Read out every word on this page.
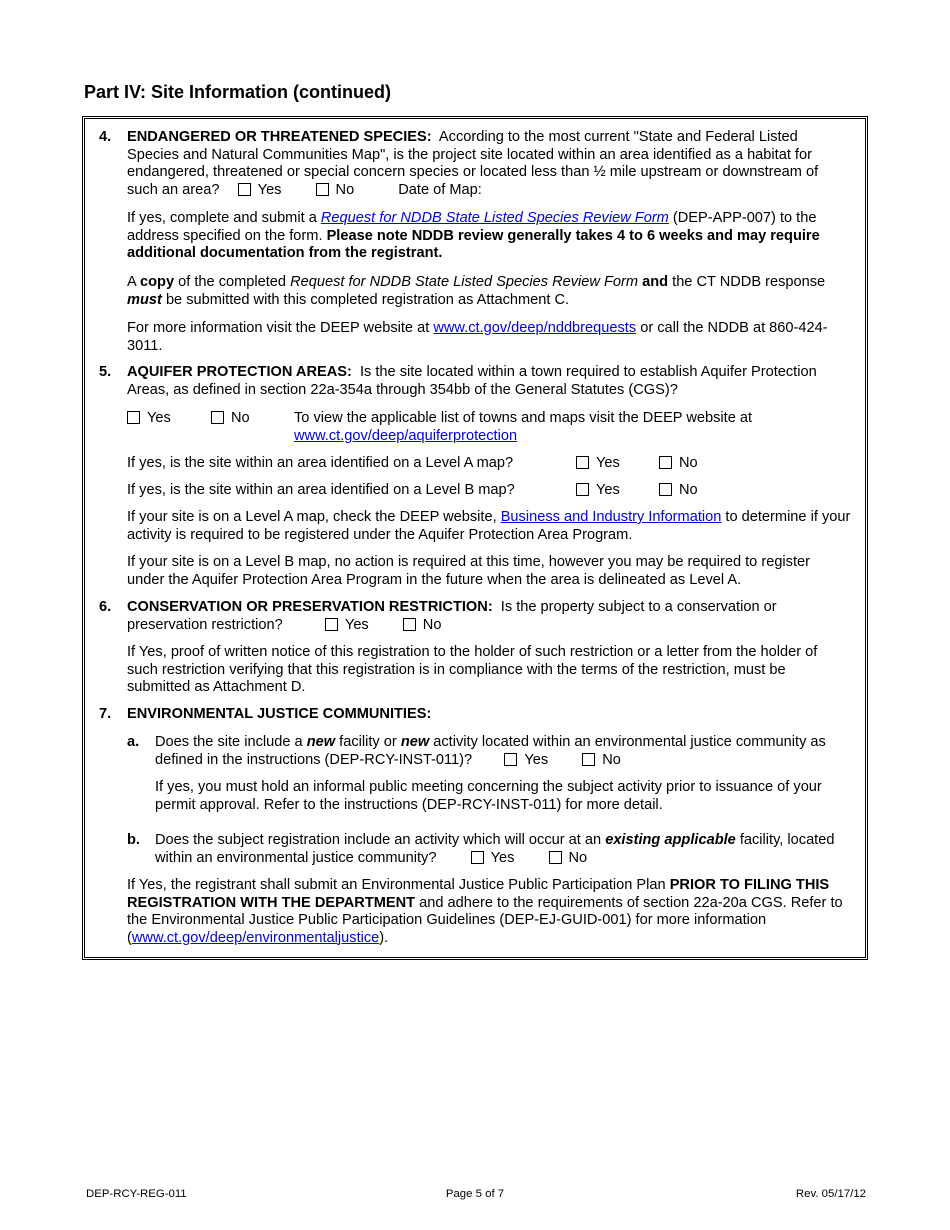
Part IV: Site Information (continued)
4. ENDANGERED OR THREATENED SPECIES: According to the most current "State and Federal Listed Species and Natural Communities Map", is the project site located within an area identified as a habitat for endangered, threatened or special concern species or located less than ½ mile upstream or downstream of such an area?	Yes	No	Date of Map:
If yes, complete and submit a Request for NDDB State Listed Species Review Form (DEP-APP-007) to the address specified on the form. Please note NDDB review generally takes 4 to 6 weeks and may require additional documentation from the registrant.
A copy of the completed Request for NDDB State Listed Species Review Form and the CT NDDB response must be submitted with this completed registration as Attachment C.
For more information visit the DEEP website at www.ct.gov/deep/nddbrequests or call the NDDB at 860-424-3011.
5. AQUIFER PROTECTION AREAS: Is the site located within a town required to establish Aquifer Protection Areas, as defined in section 22a-354a through 354bb of the General Statutes (CGS)?
Yes	No	To view the applicable list of towns and maps visit the DEEP website at
www.ct.gov/deep/aquiferprotection
If yes, is the site within an area identified on a Level A map?	Yes	No
If yes, is the site within an area identified on a Level B map?	Yes	No
If your site is on a Level A map, check the DEEP website, Business and Industry Information to determine if your activity is required to be registered under the Aquifer Protection Area Program.
If your site is on a Level B map, no action is required at this time, however you may be required to register under the Aquifer Protection Area Program in the future when the area is delineated as Level A.
6. CONSERVATION OR PRESERVATION RESTRICTION: Is the property subject to a conservation or preservation restriction?	Yes	No
If Yes, proof of written notice of this registration to the holder of such restriction or a letter from the holder of such restriction verifying that this registration is in compliance with the terms of the restriction, must be submitted as Attachment D.
7. ENVIRONMENTAL JUSTICE COMMUNITIES:
a. Does the site include a new facility or new activity located within an environmental justice community as defined in the instructions (DEP-RCY-INST-011)?	Yes	No
If yes, you must hold an informal public meeting concerning the subject activity prior to issuance of your permit approval. Refer to the instructions (DEP-RCY-INST-011) for more detail.
b. Does the subject registration include an activity which will occur at an existing applicable facility, located within an environmental justice community?	Yes	No
If Yes, the registrant shall submit an Environmental Justice Public Participation Plan PRIOR TO FILING THIS REGISTRATION WITH THE DEPARTMENT and adhere to the requirements of section 22a-20a CGS. Refer to the Environmental Justice Public Participation Guidelines (DEP-EJ-GUID-001) for more information (www.ct.gov/deep/environmentaljustice).
DEP-RCY-REG-011	Page 5 of 7	Rev. 05/17/12
